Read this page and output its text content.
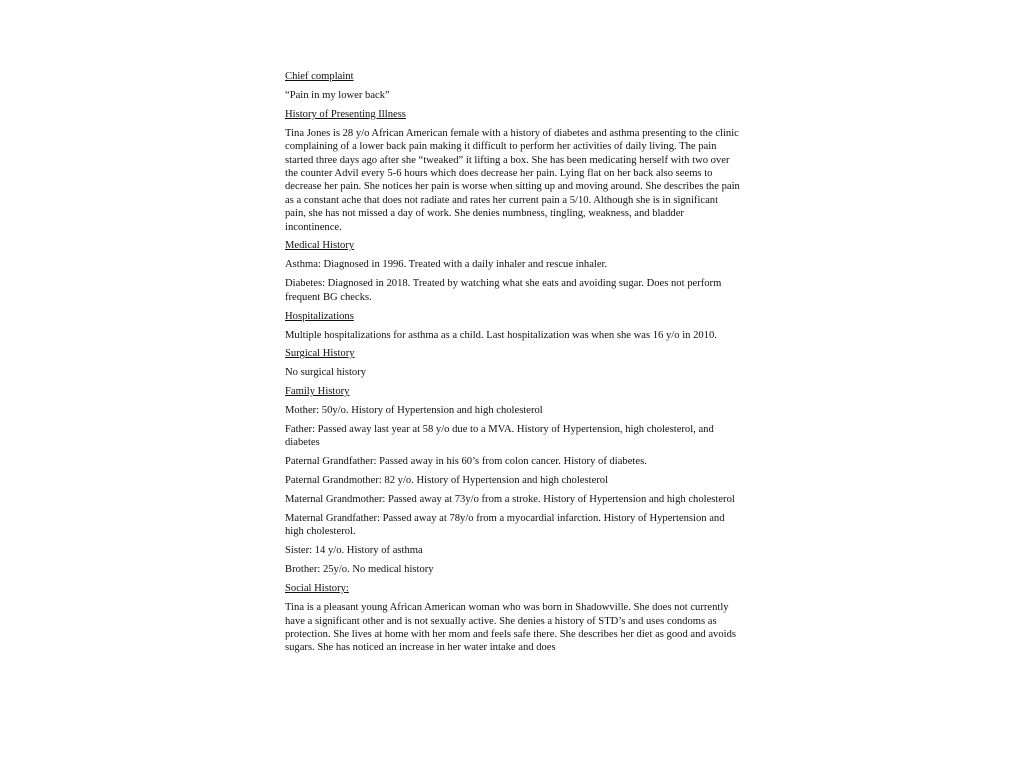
Chief complaint
“Pain in my lower back”
History of Presenting Illness
Tina Jones is 28 y/o African American female with a history of diabetes and asthma presenting to the clinic complaining of a lower back pain making it difficult to perform her activities of daily living. The pain started three days ago after she “tweaked” it lifting a box. She has been medicating herself with two over the counter Advil every 5-6 hours which does decrease her pain. Lying flat on her back also seems to decrease her pain. She notices her pain is worse when sitting up and moving around. She describes the pain as a constant ache that does not radiate and rates her current pain a 5/10. Although she is in significant pain, she has not missed a day of work. She denies numbness, tingling, weakness, and bladder incontinence.
Medical History
Asthma: Diagnosed in 1996. Treated with a daily inhaler and rescue inhaler.
Diabetes: Diagnosed in 2018. Treated by watching what she eats and avoiding sugar. Does not perform frequent BG checks.
Hospitalizations
Multiple hospitalizations for asthma as a child. Last hospitalization was when she was 16 y/o in 2010.
Surgical History
No surgical history
Family History
Mother: 50y/o. History of Hypertension and high cholesterol
Father: Passed away last year at 58 y/o due to a MVA. History of Hypertension, high cholesterol, and diabetes
Paternal Grandfather: Passed away in his 60’s from colon cancer. History of diabetes.
Paternal Grandmother: 82 y/o. History of Hypertension and high cholesterol
Maternal Grandmother: Passed away at 73y/o from a stroke. History of Hypertension and high cholesterol
Maternal Grandfather: Passed away at 78y/o from a myocardial infarction. History of Hypertension and high cholesterol.
Sister: 14 y/o. History of asthma
Brother: 25y/o. No medical history
Social History:
Tina is a pleasant young African American woman who was born in Shadowville. She does not currently have a significant other and is not sexually active. She denies a history of STD’s and uses condoms as protection. She lives at home with her mom and feels safe there. She describes her diet as good and avoids sugars. She has noticed an increase in her water intake and does
